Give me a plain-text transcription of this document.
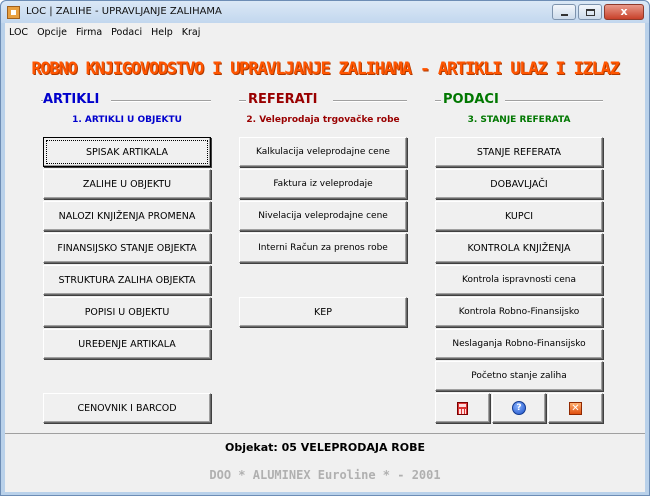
LOC | ZALIHE - UPRAVLJANJE ZALIHAMA	x
LOC Opcije Firma Podaci Help Kraj
ROBNO KNJIGOVODSTVO I UPRAVLJANJE ZALIHAMA - ARTIKLI ULAZ I IZLAZ
ARTIKLI
1. ARTIKLI U OBJEKTU
SPISAK ARTIKALA
ZALIHE U OBJEKTU
NALOZI KNJIŽENJA PROMENA
FINANSIJSKO STANJE OBJEKTA
STRUKTURA ZALIHA OBJEKTA
POPISI U OBJEKTU
UREĐENJE ARTIKALA
CENOVNIK I BARCOD
REFERATI
2. Veleprodaja trgovačke robe
Kalkulacija veleprodajne cene
Faktura iz veleprodaje
Nivelacija veleprodajne cene
Interni Račun za prenos robe
KEP
PODACI
3. STANJE REFERATA
STANJE REFERATA
DOBAVLJAČI
KUPCI
KONTROLA KNJIŽENJA
Kontrola ispravnosti cena
Kontrola Robno-Finansijsko
Neslaganja Robno-Finansijsko
Početno stanje zaliha
?	✕
Objekat: 05 VELEPRODAJA ROBE
DOO * ALUMINEX Euroline * - 2001
